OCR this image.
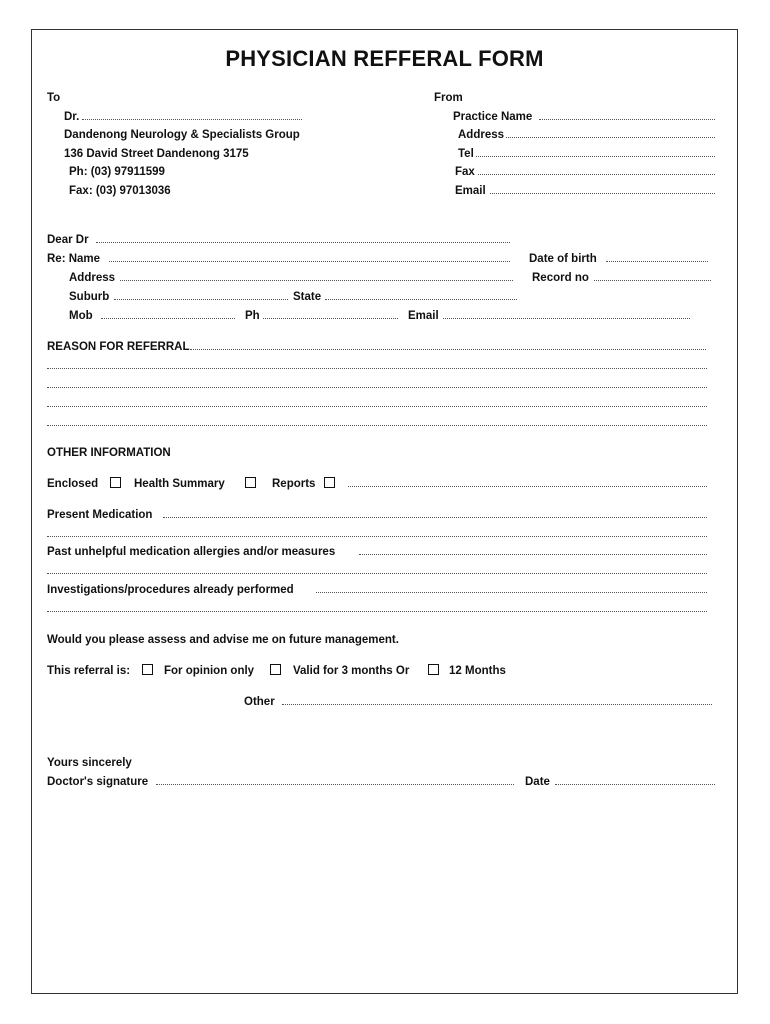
PHYSICIAN REFFERAL FORM
To
Dr.
Dandenong Neurology & Specialists Group
136 David Street Dandenong 3175
Ph: (03) 97911599
Fax: (03) 97013036
From
Practice Name
Address
Tel
Fax
Email
Dear Dr
Re: Name	Date of birth
Address	Record no
Suburb	State
Mob	Ph	Email
REASON FOR REFERRAL
OTHER INFORMATION
Enclosed	Health Summary	Reports
Present Medication
Past unhelpful medication allergies and/or measures
Investigations/procedures already performed
Would you please assess and advise me on future management.
This referral is:	For opinion only	Valid for 3 months Or	12 Months
Other
Yours sincerely
Doctor's signature	Date
